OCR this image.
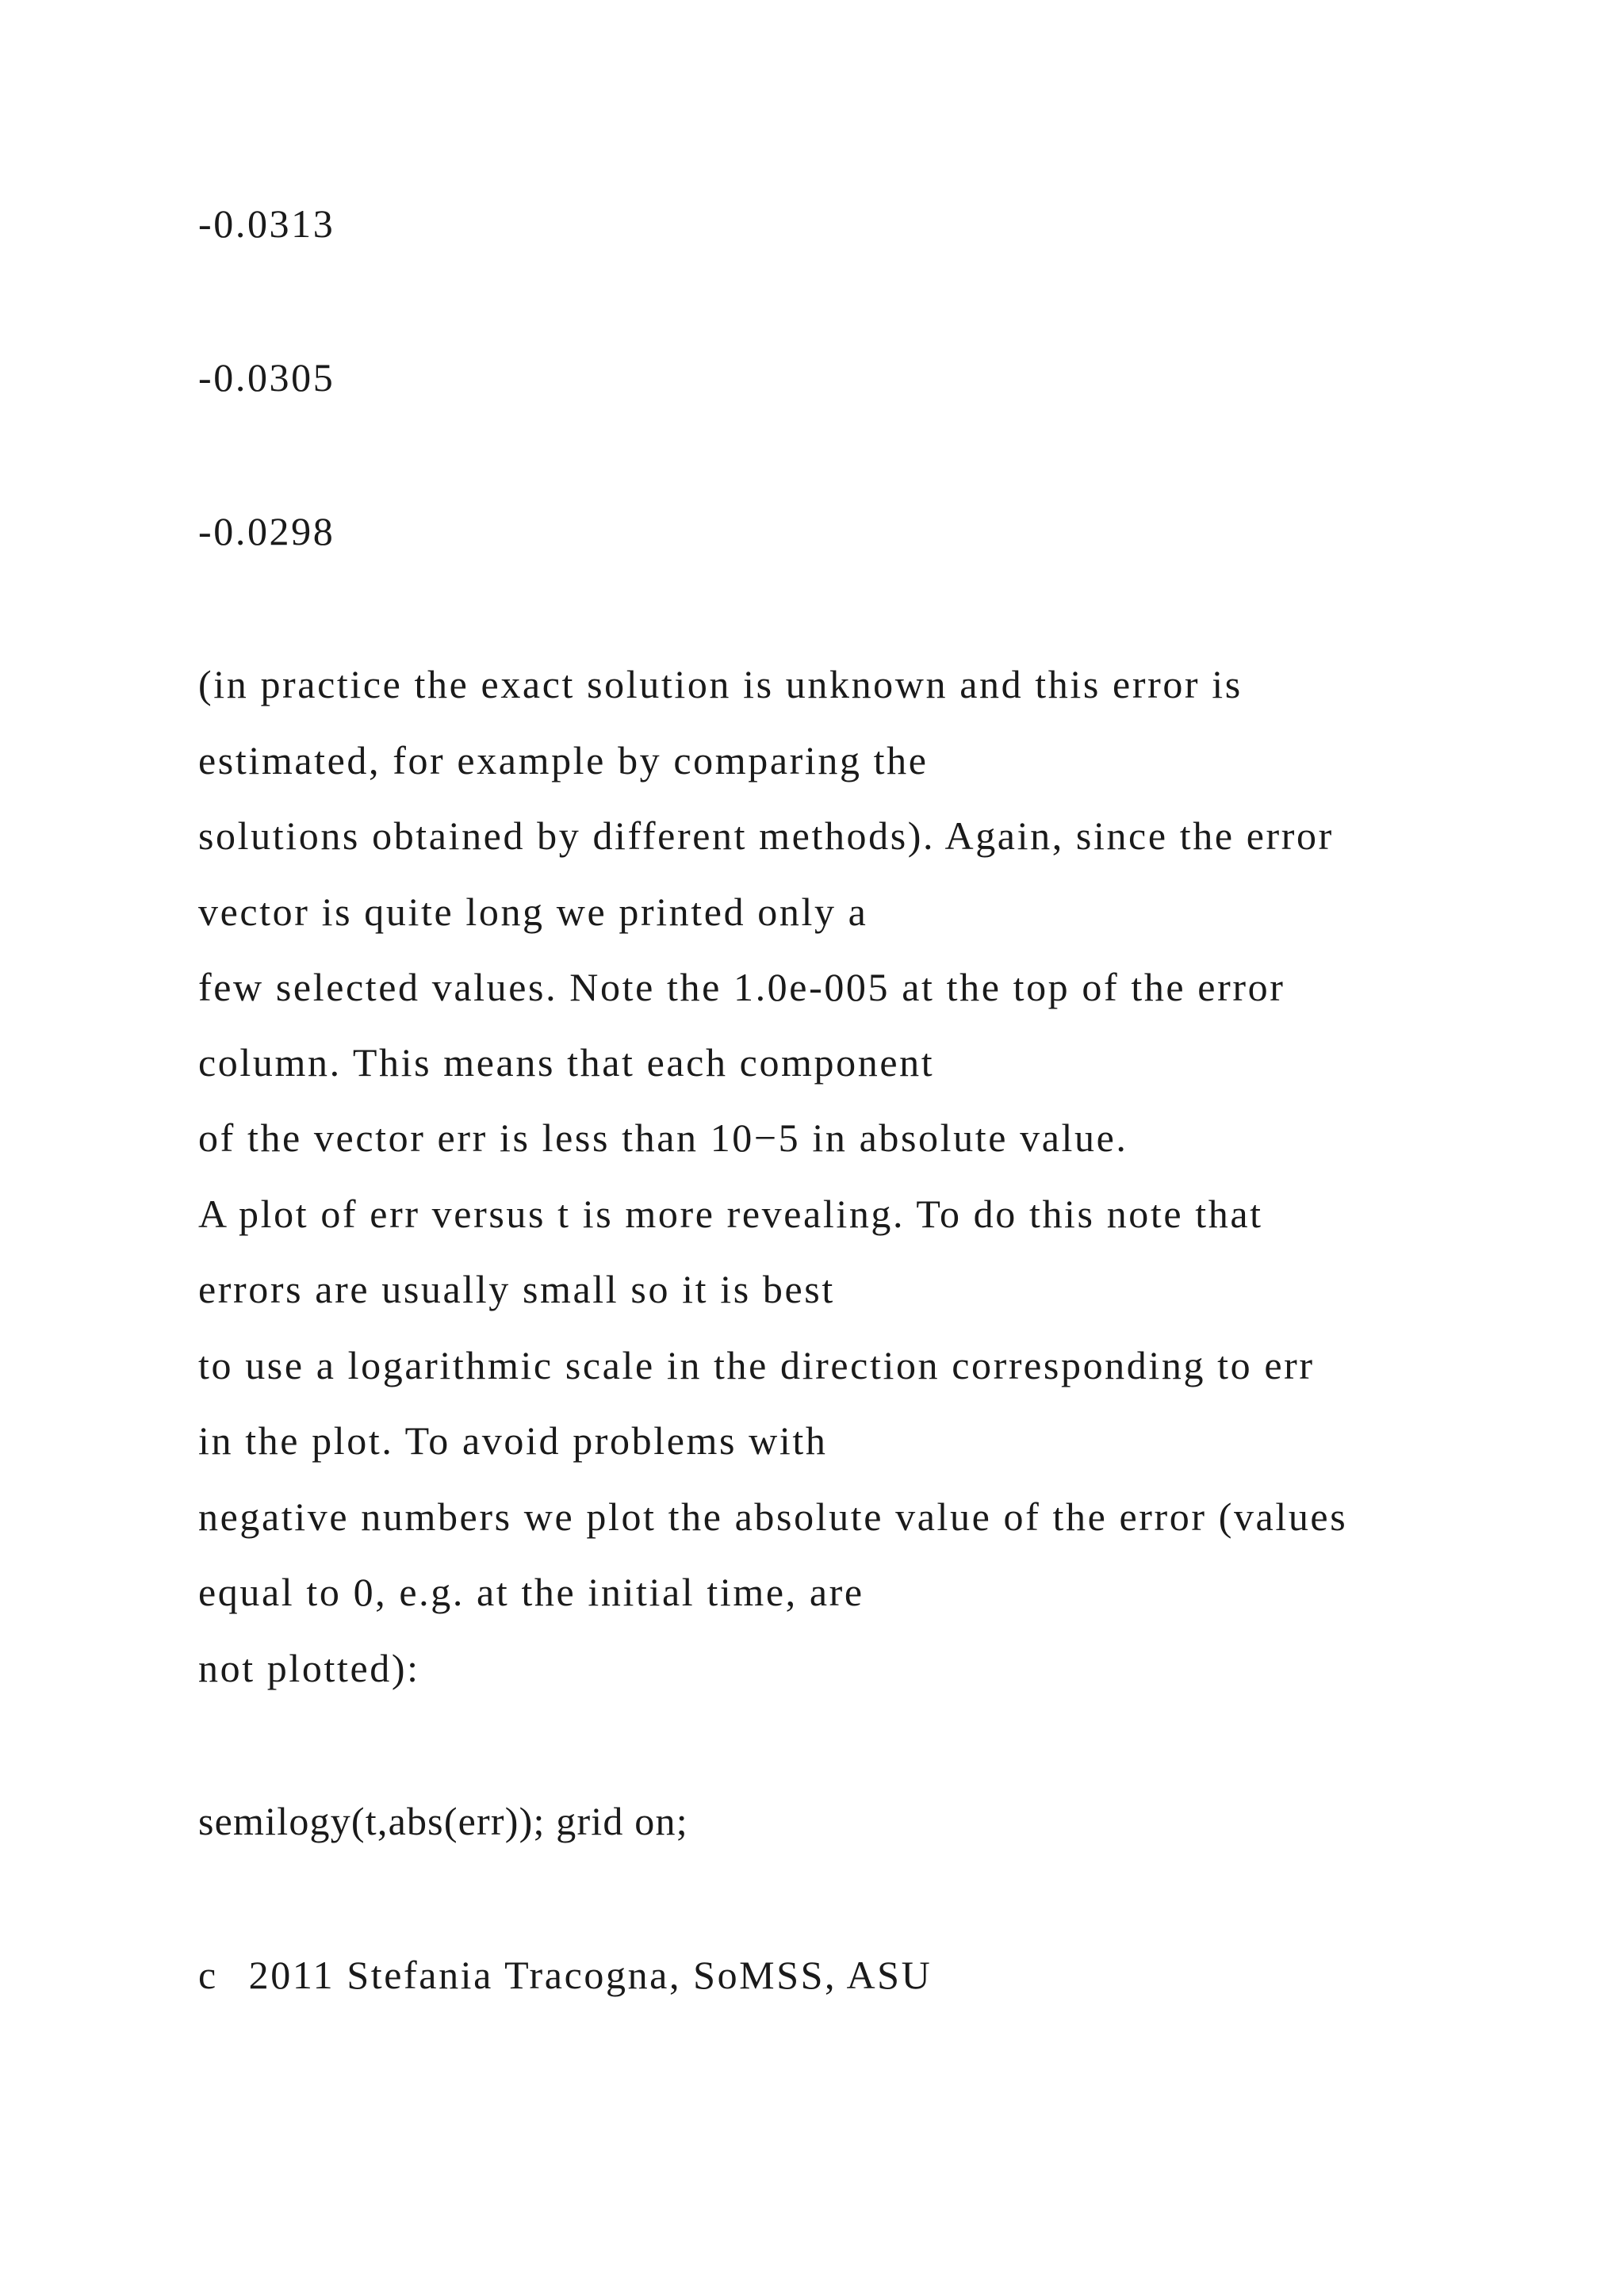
-0.0313

-0.0305

-0.0298

(in practice the exact solution is unknown and this error is

estimated, for example by comparing the

solutions obtained by different methods). Again, since the error

vector is quite long we printed only a

few selected values. Note the 1.0e-005 at the top of the error

column. This means that each component

of the vector err is less than 10−5 in absolute value.

A plot of err versus t is more revealing. To do this note that

errors are usually small so it is best

to use a logarithmic scale in the direction corresponding to err

in the plot. To avoid problems with

negative numbers we plot the absolute value of the error (values

equal to 0, e.g. at the initial time, are

not plotted):

semilogy(t,abs(err)); grid on;

c⃝2011 Stefania Tracogna, SoMSS, ASU
